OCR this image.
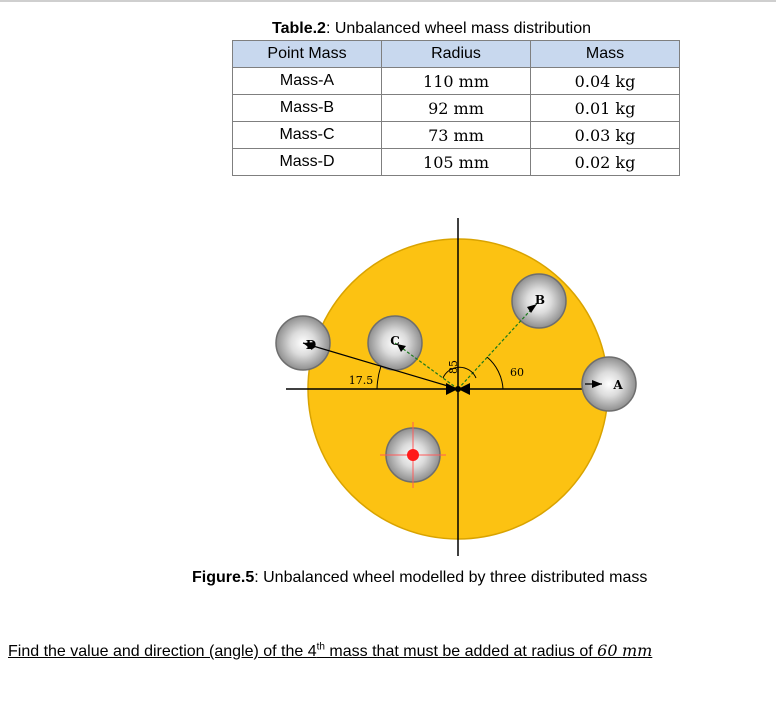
Table.2: Unbalanced wheel mass distribution
Point Mass	Radius	Mass
Mass-A	110 mm	0.04 kg
Mass-B	92 mm	0.01 kg
Mass-C	73 mm	0.03 kg
Mass-D	105 mm	0.02 kg
D	C
B
A
17.5
85	60
Figure.5: Unbalanced wheel modelled by three distributed mass
Find the value and direction (angle) of the 4th mass that must be added at radius of 60 mm
